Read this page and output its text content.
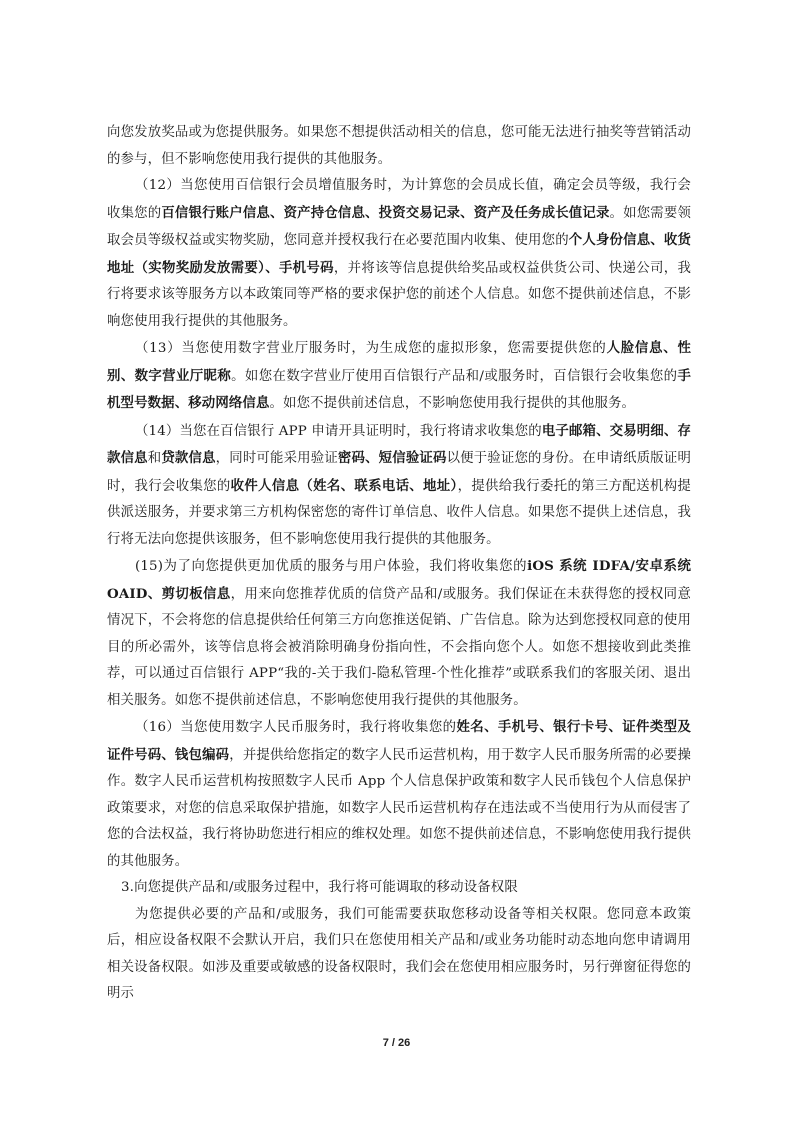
向您发放奖品或为您提供服务。如果您不想提供活动相关的信息，您可能无法进行抽奖等营销活动的参与，但不影响您使用我行提供的其他服务。

（12）当您使用百信银行会员增值服务时，为计算您的会员成长值，确定会员等级，我行会收集您的百信银行账户信息、资产持仓信息、投资交易记录、资产及任务成长值记录。如您需要领取会员等级权益或实物奖励，您同意并授权我行在必要范围内收集、使用您的个人身份信息、收货地址（实物奖励发放需要）、手机号码，并将该等信息提供给奖品或权益供货公司、快递公司，我行将要求该等服务方以本政策同等严格的要求保护您的前述个人信息。如您不提供前述信息，不影响您使用我行提供的其他服务。

（13）当您使用数字营业厅服务时，为生成您的虚拟形象，您需要提供您的人脸信息、性别、数字营业厅昵称。如您在数字营业厅使用百信银行产品和/或服务时，百信银行会收集您的手机型号数据、移动网络信息。如您不提供前述信息，不影响您使用我行提供的其他服务。

（14）当您在百信银行 APP 申请开具证明时，我行将请求收集您的电子邮箱、交易明细、存款信息和贷款信息，同时可能采用验证密码、短信验证码以便于验证您的身份。在申请纸质版证明时，我行会收集您的收件人信息（姓名、联系电话、地址），提供给我行委托的第三方配送机构提供派送服务，并要求第三方机构保密您的寄件订单信息、收件人信息。如果您不提供上述信息，我行将无法向您提供该服务，但不影响您使用我行提供的其他服务。

(15)为了向您提供更加优质的服务与用户体验，我们将收集您的iOS 系统 IDFA/安卓系统 OAID、剪切板信息，用来向您推荐优质的信贷产品和/或服务。我们保证在未获得您的授权同意情况下，不会将您的信息提供给任何第三方向您推送促销、广告信息。除为达到您授权同意的使用目的所必需外，该等信息将会被消除明确身份指向性，不会指向您个人。如您不想接收到此类推荐，可以通过百信银行 APP“我的-关于我们-隐私管理-个性化推荐”或联系我们的客服关闭、退出相关服务。如您不提供前述信息，不影响您使用我行提供的其他服务。

（16）当您使用数字人民币服务时，我行将收集您的姓名、手机号、银行卡号、证件类型及证件号码、钱包编码，并提供给您指定的数字人民币运营机构，用于数字人民币服务所需的必要操作。数字人民币运营机构按照数字人民币 App 个人信息保护政策和数字人民币钱包个人信息保护政策要求，对您的信息采取保护措施，如数字人民币运营机构存在违法或不当使用行为从而侵害了您的合法权益，我行将协助您进行相应的维权处理。如您不提供前述信息，不影响您使用我行提供的其他服务。

3.向您提供产品和/或服务过程中，我行将可能调取的移动设备权限

为您提供必要的产品和/或服务，我们可能需要获取您移动设备等相关权限。您同意本政策后，相应设备权限不会默认开启，我们只在您使用相关产品和/或业务功能时动态地向您申请调用相关设备权限。如涉及重要或敏感的设备权限时，我们会在您使用相应服务时，另行弹窗征得您的明示

7 / 26
